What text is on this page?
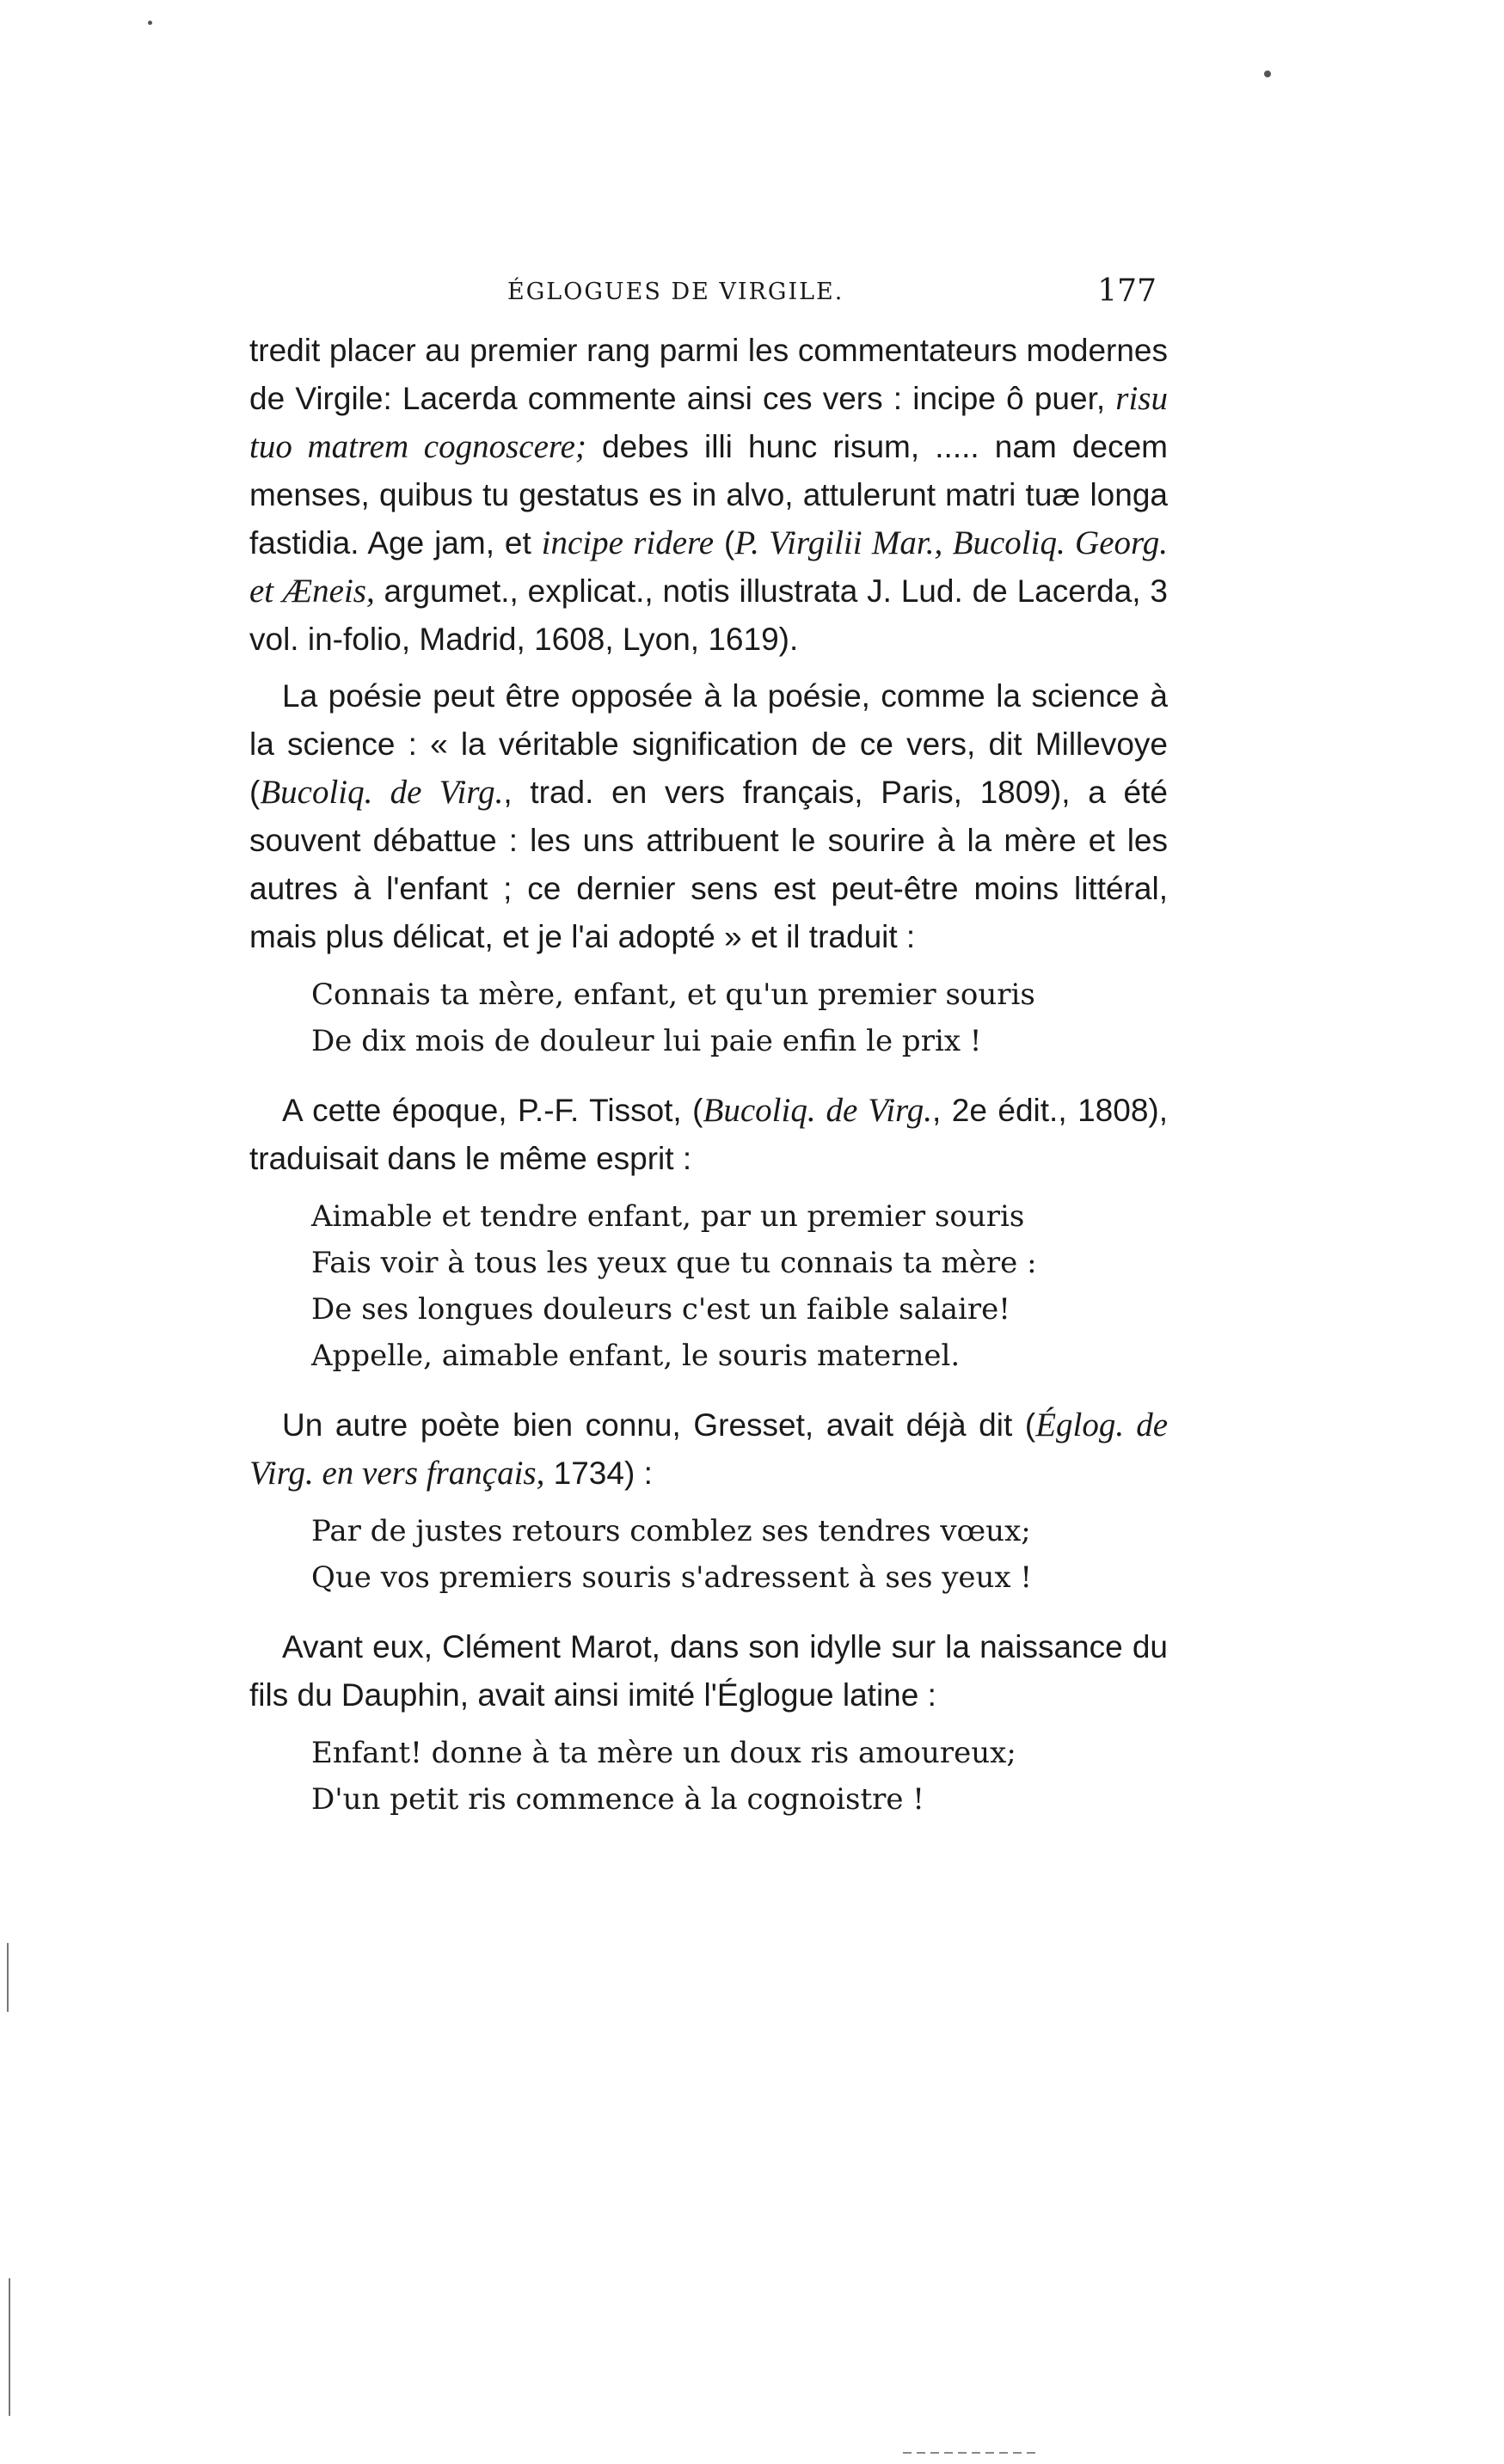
ÉGLOGUES DE VIRGILE.	177

tredit placer au premier rang parmi les commentateurs modernes de Virgile: Lacerda commente ainsi ces vers : incipe ô puer, risu tuo matrem cognoscere; debes illi hunc risum, ..... nam decem menses, quibus tu gestatus es in alvo, attulerunt matri tuæ longa fastidia. Age jam, et incipe ridere (P. Virgilii Mar., Bucoliq. Georg. et Æneis, argumet., explicat., notis illustrata J. Lud. de Lacerda, 3 vol. in-folio, Madrid, 1608, Lyon, 1619).

La poésie peut être opposée à la poésie, comme la science à la science : « la véritable signification de ce vers, dit Millevoye (Bucoliq. de Virg., trad. en vers français, Paris, 1809), a été souvent débattue : les uns attribuent le sourire à la mère et les autres à l'enfant ; ce dernier sens est peut-être moins littéral, mais plus délicat, et je l'ai adopté » et il traduit :

Connais ta mère, enfant, et qu'un premier souris
De dix mois de douleur lui paie enfin le prix !

A cette époque, P.-F. Tissot, (Bucoliq. de Virg., 2e édit., 1808), traduisait dans le même esprit :

Aimable et tendre enfant, par un premier souris
Fais voir à tous les yeux que tu connais ta mère :
De ses longues douleurs c'est un faible salaire!
Appelle, aimable enfant, le souris maternel.

Un autre poète bien connu, Gresset, avait déjà dit (Églog. de Virg. en vers français, 1734) :

Par de justes retours comblez ses tendres vœux;
Que vos premiers souris s'adressent à ses yeux !

Avant eux, Clément Marot, dans son idylle sur la naissance du fils du Dauphin, avait ainsi imité l'Églogue latine :

Enfant! donne à ta mère un doux ris amoureux;
D'un petit ris commence à la cognoistre !
